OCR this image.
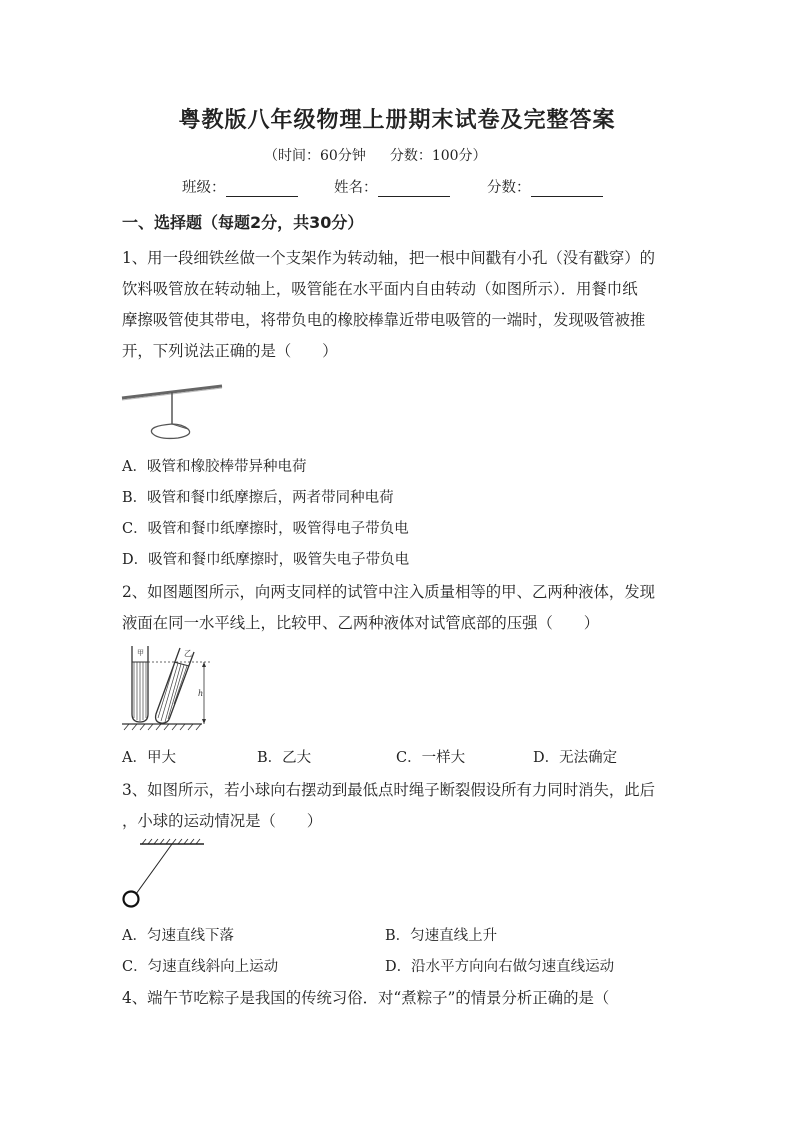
粤教版八年级物理上册期末试卷及完整答案
（时间：60分钟 分数：100分）
班级：	姓名：	分数：
一、选择题（每题2分，共30分）
1、用一段细铁丝做一个支架作为转动轴，把一根中间戳有小孔（没有戳穿）的
饮料吸管放在转动轴上，吸管能在水平面内自由转动（如图所示）．用餐巾纸
摩擦吸管使其带电，将带负电的橡胶棒靠近带电吸管的一端时，发现吸管被推
开，下列说法正确的是（　　）
A．吸管和橡胶棒带异种电荷
B．吸管和餐巾纸摩擦后，两者带同种电荷
C．吸管和餐巾纸摩擦时，吸管得电子带负电
D．吸管和餐巾纸摩擦时，吸管失电子带负电
2、如图题图所示，向两支同样的试管中注入质量相等的甲、乙两种液体，发现
液面在同一水平线上，比较甲、乙两种液体对试管底部的压强（　　）
甲	乙
h
A．甲大	B．乙大	C．一样大	D．无法确定
3、如图所示，若小球向右摆动到最低点时绳子断裂假设所有力同时消失，此后
，小球的运动情况是（　　）
A．匀速直线下落	B．匀速直线上升
C．匀速直线斜向上运动	D．沿水平方向向右做匀速直线运动
4、端午节吃粽子是我国的传统习俗．对“煮粽子”的情景分析正确的是（
